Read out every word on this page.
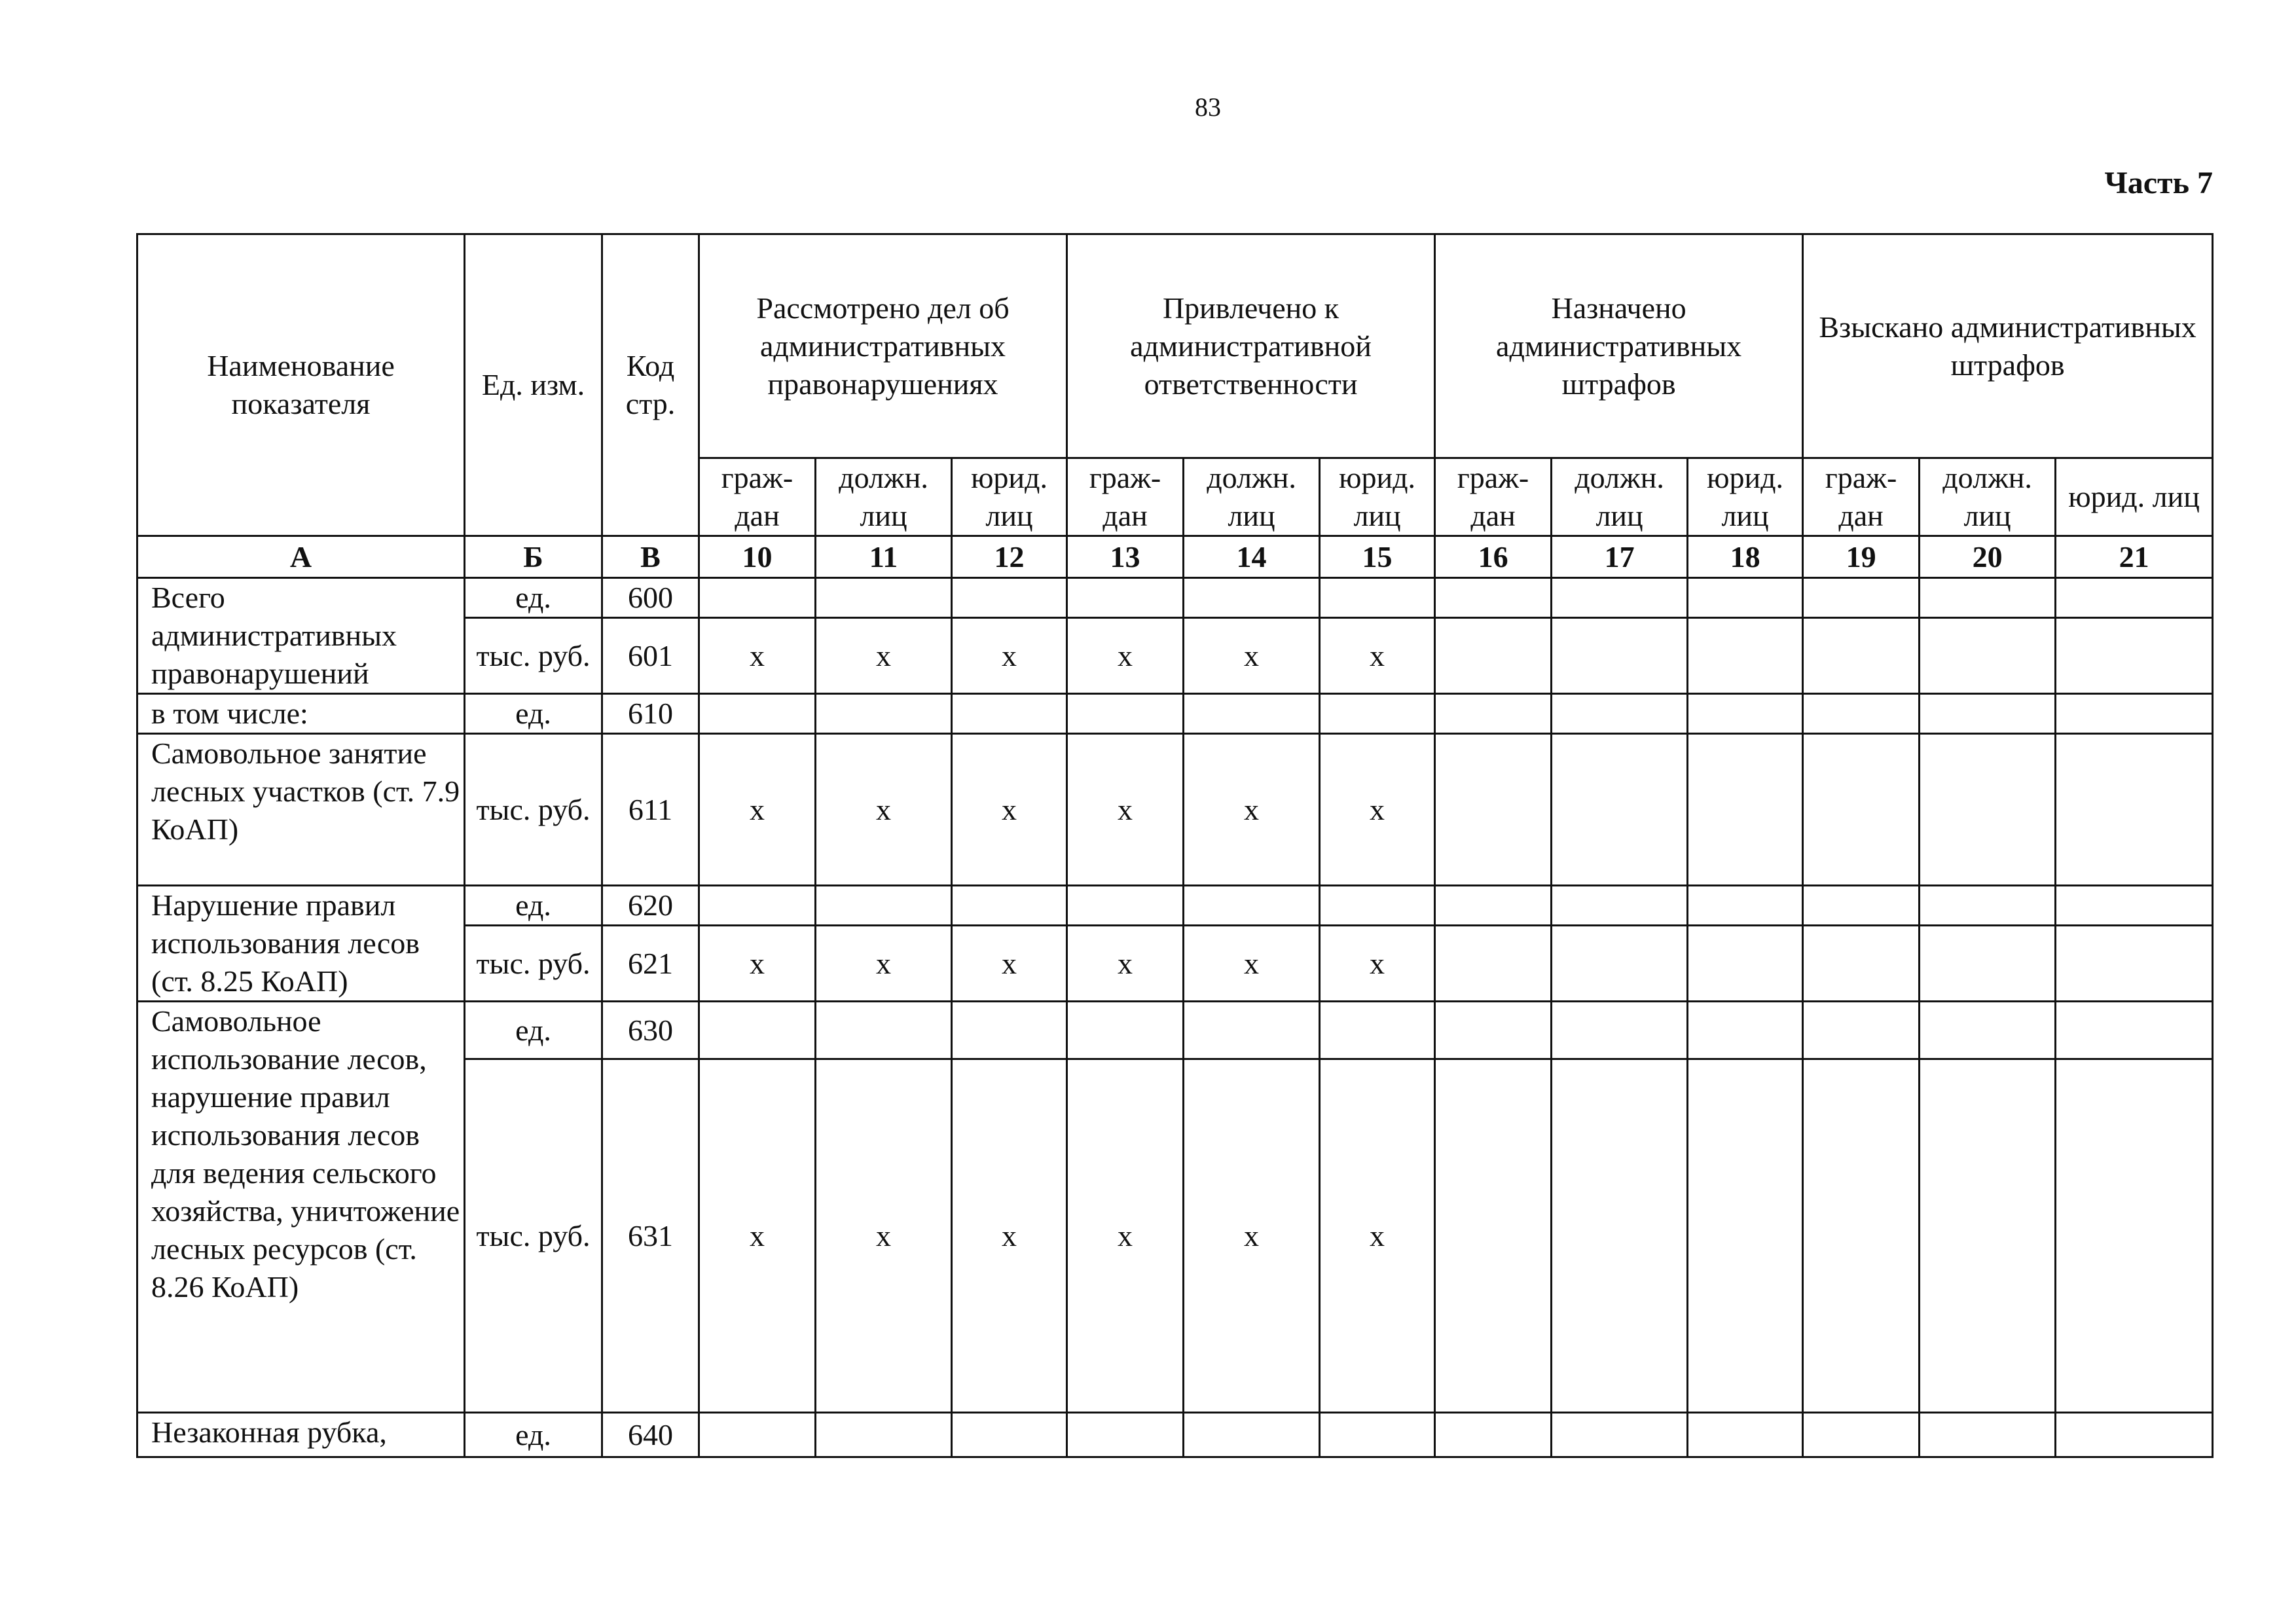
83
Часть 7
Наименование показателя	Ед. изм.	Код стр.	Рассмотрено дел об административных правонарушениях			Привлечено к административной ответственности			Назначено административных штрафов			Взыскано административных штрафов		
			граж-дан	должн. лиц	юрид. лиц	граж-дан	должн. лиц	юрид. лиц	граж-дан	должн. лиц	юрид. лиц	граж-дан	должн. лиц	юрид. лиц
А	Б	В	10	11	12	13	14	15	16	17	18	19	20	21
Всего административных правонарушений	ед.	600												
	тыс. руб.	601	х	х	х	х	х	х						
в том числе:	ед.	610												
Самовольное занятие лесных участков (ст. 7.9 КоАП)	тыс. руб.	611	х	х	х	х	х	х						
Нарушение правил использования лесов (ст. 8.25 КоАП)	ед.	620												
	тыс. руб.	621	х	х	х	х	х	х						
Самовольное использование лесов, нарушение правил использования лесов для ведения сельского хозяйства, уничтожение лесных ресурсов (ст. 8.26 КоАП)	ед.	630												
	тыс. руб.	631	х	х	х	х	х	х						
Незаконная рубка,	ед.	640												
